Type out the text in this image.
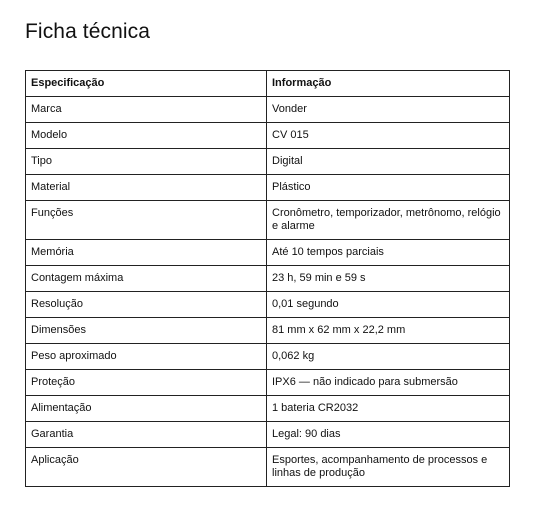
Ficha técnica
Especificação	Informação
Marca	Vonder
Modelo	CV 015
Tipo	Digital
Material	Plástico
Funções	Cronômetro, temporizador, metrônomo, relógio e alarme
Memória	Até 10 tempos parciais
Contagem máxima	23 h, 59 min e 59 s
Resolução	0,01 segundo
Dimensões	81 mm x 62 mm x 22,2 mm
Peso aproximado	0,062 kg
Proteção	IPX6 — não indicado para submersão
Alimentação	1 bateria CR2032
Garantia	Legal: 90 dias
Aplicação	Esportes, acompanhamento de processos e linhas de produção
